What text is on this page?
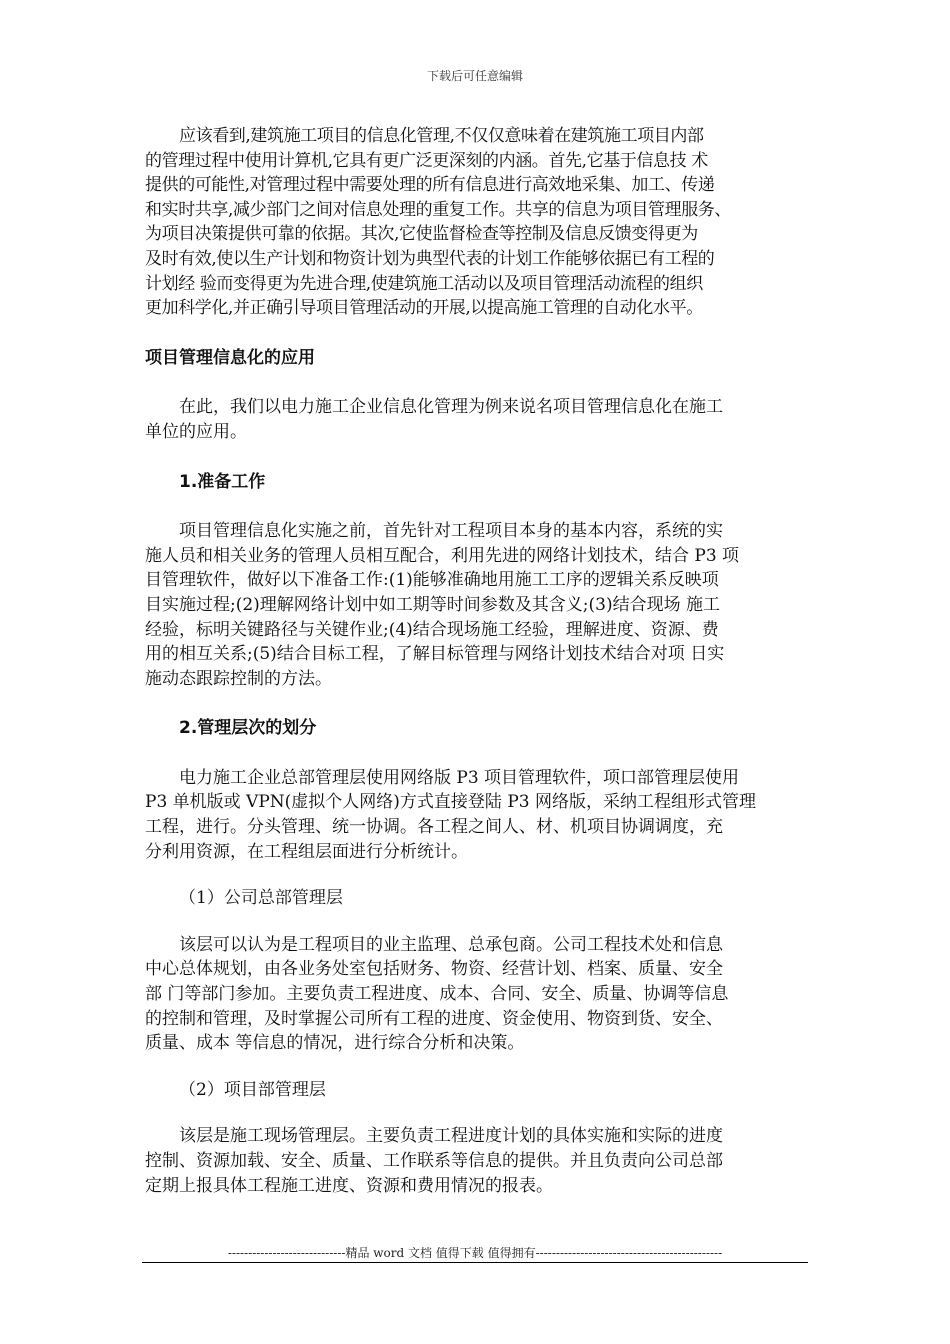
下载后可任意编辑

应该看到,建筑施工项目的信息化管理,不仅仅意味着在建筑施工项目内部
的管理过程中使用计算机,它具有更广泛更深刻的内涵。首先,它基于信息技 术
提供的可能性,对管理过程中需要处理的所有信息进行高效地采集、加工、传递
和实时共享,减少部门之间对信息处理的重复工作。共享的信息为项目管理服务、
为项目决策提供可靠的依据。其次,它使监督检查等控制及信息反馈变得更为
及时有效,使以生产计划和物资计划为典型代表的计划工作能够依据已有工程的
计划经 验而变得更为先进合理,使建筑施工活动以及项目管理活动流程的组织
更加科学化,并正确引导项目管理活动的开展,以提高施工管理的自动化水平。

项目管理信息化的应用

在此，我们以电力施工企业信息化管理为例来说名项目管理信息化在施工
单位的应用。

1.准备工作

项目管理信息化实施之前，首先针对工程项目本身的基本内容，系统的实
施人员和相关业务的管理人员相互配合，利用先进的网络计划技术，结合 P3 项
目管理软件，做好以下准备工作:(1)能够准确地用施工工序的逻辑关系反映项
目实施过程;(2)理解网络计划中如工期等时间参数及其含义;(3)结合现场 施工
经验，标明关键路径与关键作业;(4)结合现场施工经验，理解进度、资源、费
用的相互关系;(5)结合目标工程，了解目标管理与网络计划技术结合对项 日实
施动态跟踪控制的方法。

2.管理层次的划分

电力施工企业总部管理层使用网络版 P3 项目管理软件，项口部管理层使用
P3 单机版或 VPN(虚拟个人网络)方式直接登陆 P3 网络版，采纳工程组形式管理
工程，进行。分头管理、统一协调。各工程之间人、材、机项目协调调度，充
分利用资源，在工程组层面进行分析统计。

（1）公司总部管理层

该层可以认为是工程项目的业主监理、总承包商。公司工程技术处和信息
中心总体规划，由各业务处室包括财务、物资、经营计划、档案、质量、安全
部 门等部门参加。主要负责工程进度、成本、合同、安全、质量、协调等信息
的控制和管理，及时掌握公司所有工程的进度、资金使用、物资到货、安全、
质量、成本 等信息的情况，进行综合分析和决策。

（2）项目部管理层

该层是施工现场管理层。主要负责工程进度计划的具体实施和实际的进度
控制、资源加载、安全、质量、工作联系等信息的提供。并且负责向公司总部
定期上报具体工程施工进度、资源和费用情况的报表。

-----------------------------精品 word 文档 值得下载 值得拥有----------------------------------------------
